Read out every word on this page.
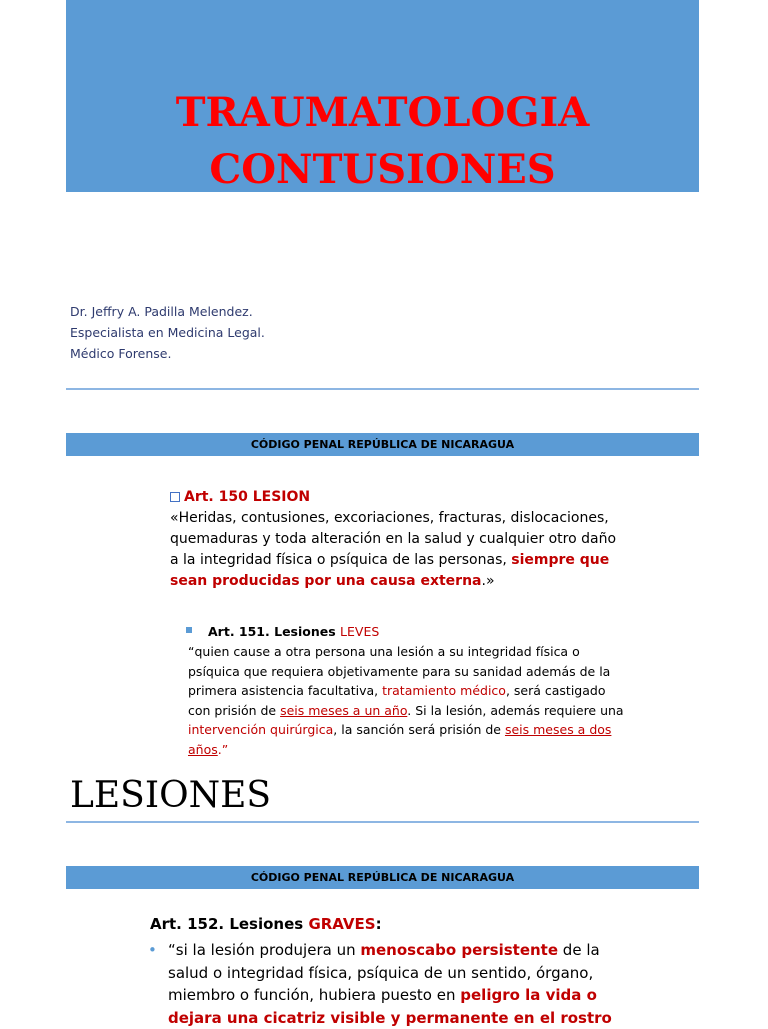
TRAUMATOLOGIA
CONTUSIONES
Dr. Jeffry A. Padilla Melendez.
Especialista en Medicina Legal.
Médico Forense.
CÓDIGO PENAL REPÚBLICA DE NICARAGUA
Art. 150 LESION
«Heridas, contusiones, excoriaciones, fracturas, dislocaciones, quemaduras y toda alteración en la salud y cualquier otro daño a la integridad física o psíquica de las personas, siempre que sean producidas por una causa externa.»
Art. 151. Lesiones LEVES
“quien cause a otra persona una lesión a su integridad física o psíquica que requiera objetivamente para su sanidad además de la primera asistencia facultativa, tratamiento médico, será castigado con prisión de seis meses a un año. Si la lesión, además requiere una intervención quirúrgica, la sanción será prisión de seis meses a dos años.”
LESIONES
CÓDIGO PENAL REPÚBLICA DE NICARAGUA
Art. 152. Lesiones GRAVES:
• “si la lesión produjera un menoscabo persistente de la salud o integridad física, psíquica de un sentido, órgano, miembro o función, hubiera puesto en peligro la vida o dejara una cicatriz visible y permanente en el rostro
